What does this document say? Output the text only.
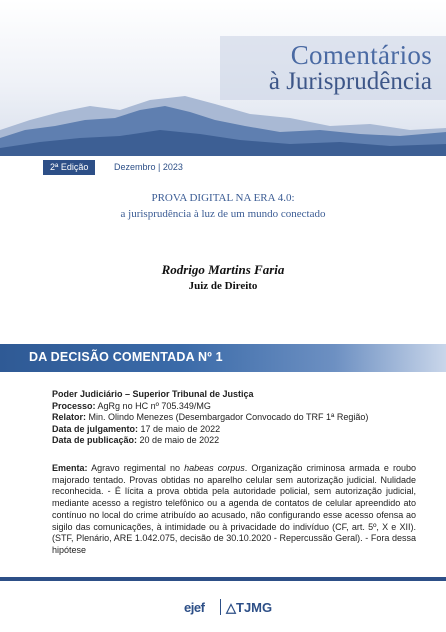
Comentários
à Jurisprudência
2ª Edição	Dezembro | 2023
PROVA DIGITAL NA ERA 4.0:
a jurisprudência à luz de um mundo conectado
Rodrigo Martins Faria
Juiz de Direito
DA DECISÃO COMENTADA Nº 1
Poder Judiciário – Superior Tribunal de Justiça
Processo: AgRg no HC nº 705.349/MG
Relator: Min. Olindo Menezes (Desembargador Convocado do TRF 1ª Região)
Data de julgamento: 17 de maio de 2022
Data de publicação: 20 de maio de 2022
Ementa: Agravo regimental no habeas corpus. Organização criminosa armada e roubo majorado tentado. Provas obtidas no aparelho celular sem autorização judicial. Nulidade reconhecida. - É lícita a prova obtida pela autoridade policial, sem autorização judicial, mediante acesso a registro telefônico ou a agenda de contatos de celular apreendido ato contínuo no local do crime atribuído ao acusado, não configurando esse acesso ofensa ao sigilo das comunicações, à intimidade ou à privacidade do indivíduo (CF, art. 5º, X e XII). (STF, Plenário, ARE 1.042.075, decisão de 30.10.2020 - Repercussão Geral). - Fora dessa hipótese
ejef △TJMG
